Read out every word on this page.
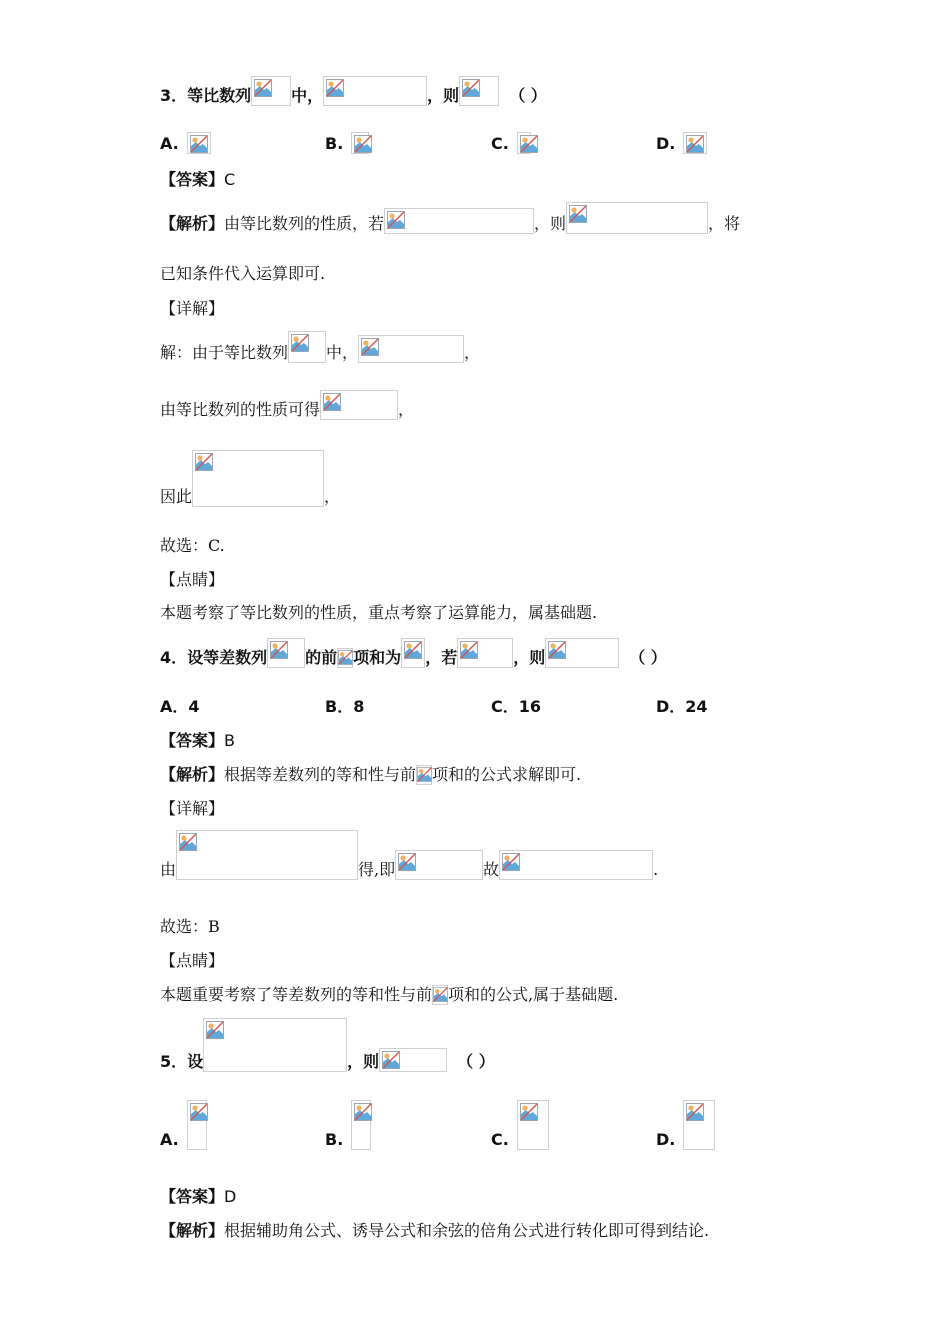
3． 等比数列	中，	，则	（ ）
A.	B.	C.	D.
【答案】 C
【解析】 由等比数列的性质，若	，则	，将
已知条件代入运算即可.
【详解】
解：由于等比数列 中，	，
由等比数列的性质可得	，
因此	，
故选：C.
【点睛】
本题考察了等比数列的性质，重点考察了运算能力，属基础题.
4． 设等差数列 的前 项和为 ，若	，则	（ ）
A．4	B．8	C．16	D．24
【答案】 B
【解析】 根据等差数列的等和性与前 项和的公式求解即可.
【详解】
由	得,即	故	.
故选：B
【点睛】
本题重要考察了等差数列的等和性与前 项和的公式,属于基础题.
5． 设	，则	（ ）
A.	B.	C.	D.
【答案】 D
【解析】 根据辅助角公式、诱导公式和余弦的倍角公式进行转化即可得到结论.
